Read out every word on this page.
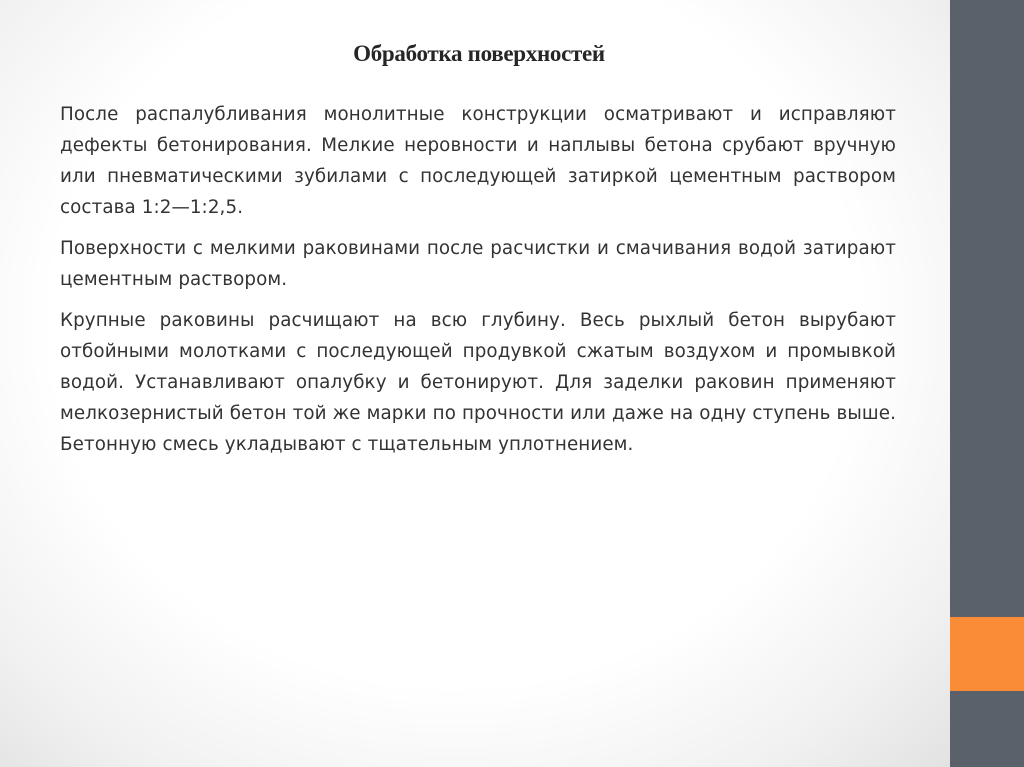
Обработка поверхностей

После распалубливания монолитные конструкции осматривают и исправляют дефекты бетонирования. Мелкие неровности и наплывы бетона срубают вручную или пневматическими зубилами с последующей затиркой цементным раствором состава 1:2—1:2,5.

Поверхности с мелкими раковинами после расчистки и смачивания водой затирают цементным раствором.

Крупные раковины расчищают на всю глубину. Весь рыхлый бетон вырубают отбойными молотками с последующей продувкой сжатым воздухом и промывкой водой. Устанавливают опалубку и бетонируют. Для заделки раковин применяют мелкозернистый бетон той же марки по прочности или даже на одну ступень выше. Бетонную смесь укладывают с тщательным уплотнением.
